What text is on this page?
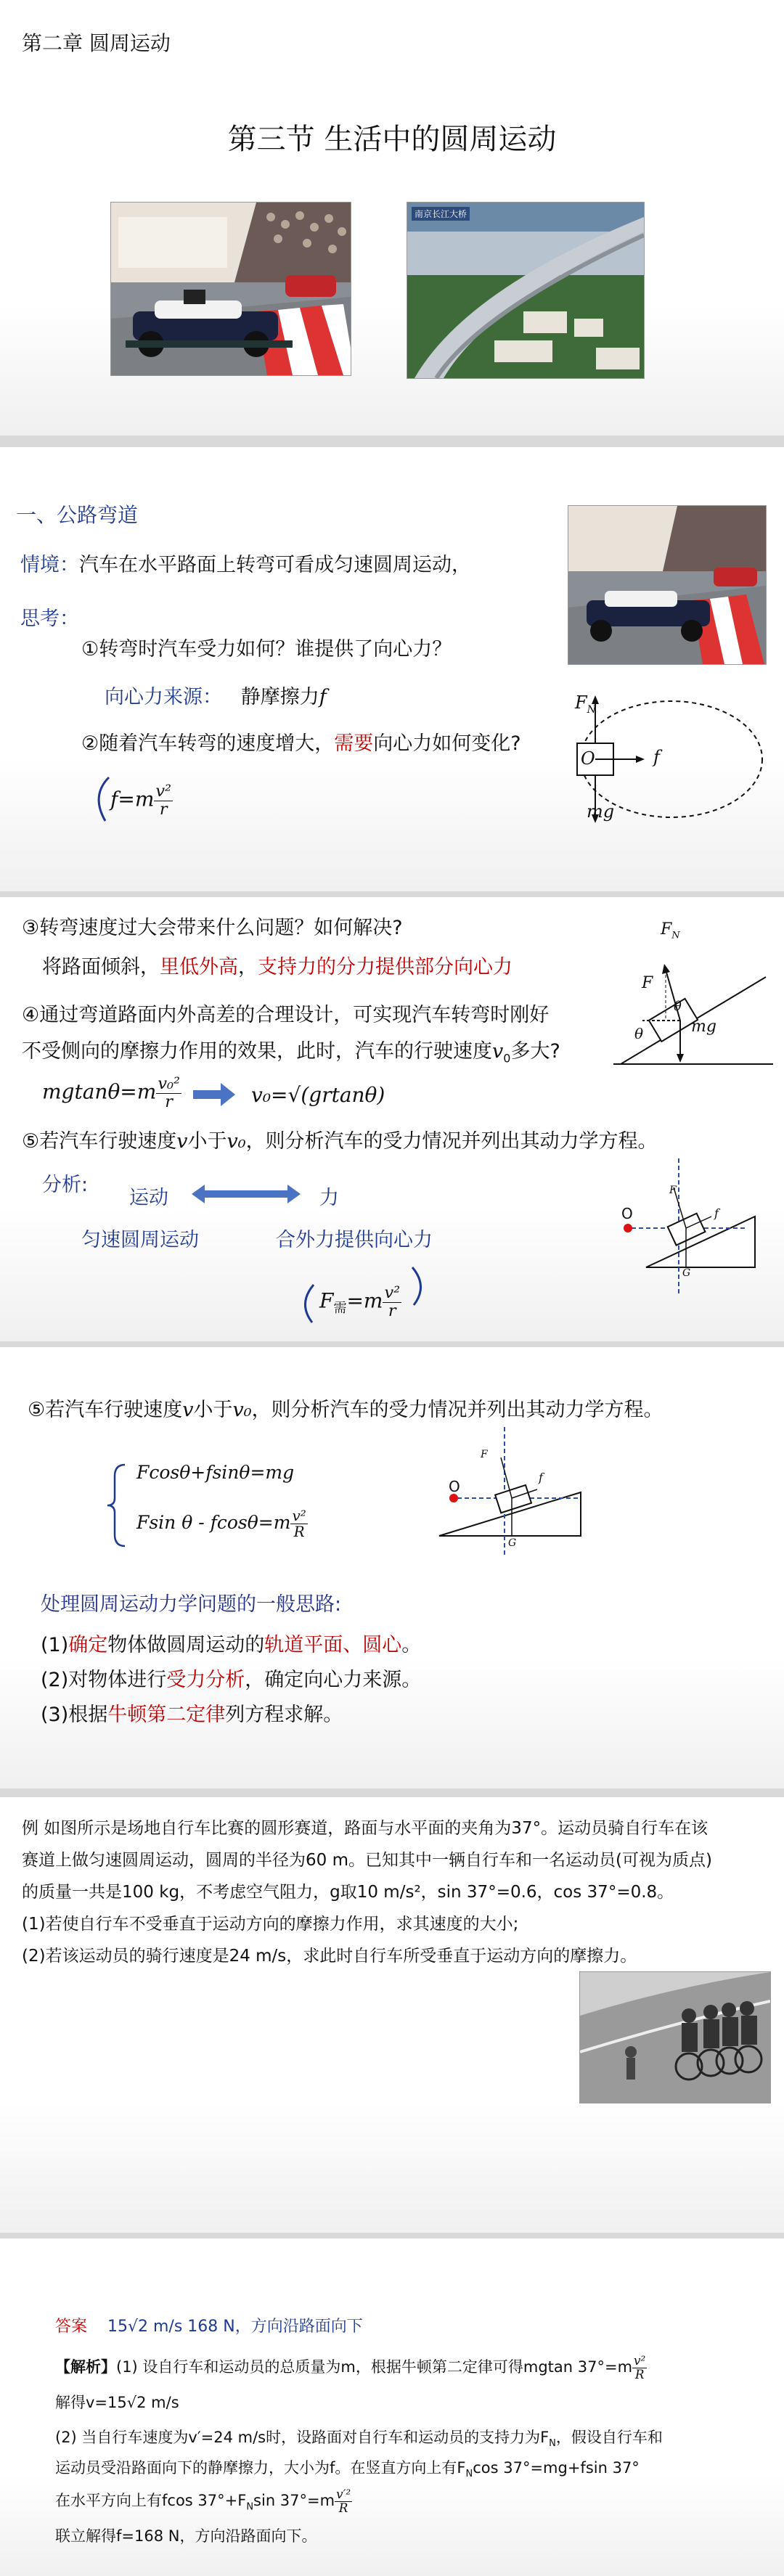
第二章 圆周运动
第三节 生活中的圆周运动
南京长江大桥
一、公路弯道
情境：汽车在水平路面上转弯可看成匀速圆周运动，
思考：
①转弯时汽车受力如何？谁提供了向心力？
向心力来源： 静摩擦力f
②随着汽车转弯的速度增大，需要向心力如何变化?
$f=m \frac{\text{v²}}{r}$
$F_N$
O	f
mg
③转弯速度过大会带来什么问题？如何解决?
将路面倾斜，里低外高，支持力的分力提供部分向心力
④通过弯道路面内外高差的合理设计，可实现汽车转弯时刚好
不受侧向的摩擦力作用的效果，此时，汽车的行驶速度$v_0$多大?
$mgtan\theta=m \frac{\text{v₀²}}{r}$	v₀=√(grtanθ)
⑤若汽车行驶速度v小于v₀，则分析汽车的受力情况并列出其动力学方程。
分析:
运动	力
匀速圆周运动	合外力提供向心力
$F_需=m \frac{\text{v²}}{r}$
$F_N$
F
θ
θ
mg
O
F
f
G
⑤若汽车行驶速度v小于v₀，则分析汽车的受力情况并列出其动力学方程。
Fcosθ+fsinθ=mg
Fsin $\theta - fcos\theta=m \frac{\text{v²}}{R}$
O
F
f
G
处理圆周运动力学问题的一般思路:
(1)确定物体做圆周运动的轨道平面、圆心。
(2)对物体进行受力分析，确定向心力来源。
(3)根据牛顿第二定律列方程求解。
例 如图所示是场地自行车比赛的圆形赛道，路面与水平面的夹角为37°。运动员骑自行车在该
赛道上做匀速圆周运动，圆周的半径为60 m。已知其中一辆自行车和一名运动员(可视为质点)
的质量一共是100 kg，不考虑空气阻力，g取10 m/s²，sin 37°=0.6，cos 37°=0.8。
(1)若使自行车不受垂直于运动方向的摩擦力作用，求其速度的大小;
(2)若该运动员的骑行速度是24 m/s，求此时自行车所受垂直于运动方向的摩擦力。
答案 15√2 m/s 168 N，方向沿路面向下
【解析】(1) 设自行车和运动员的总质量为m，根据牛顿第二定律可得mgtan $37^\circ=m \frac{\text{v²}}{R}$
解得v=15√2 m/s
(2) 当自行车速度为v′=24 m/s时，设路面对自行车和运动员的支持力为$F_N$，假设自行车和
运动员受沿路面向下的静摩擦力，大小为f。在竖直方向上有$F_N\cos$ 37°=mg+fsin 37°
在水平方向上有fcos $37^\circ+F_N\sin$ $37^\circ=m \frac{\text{v′²}}{R}$
联立解得f=168 N，方向沿路面向下。
